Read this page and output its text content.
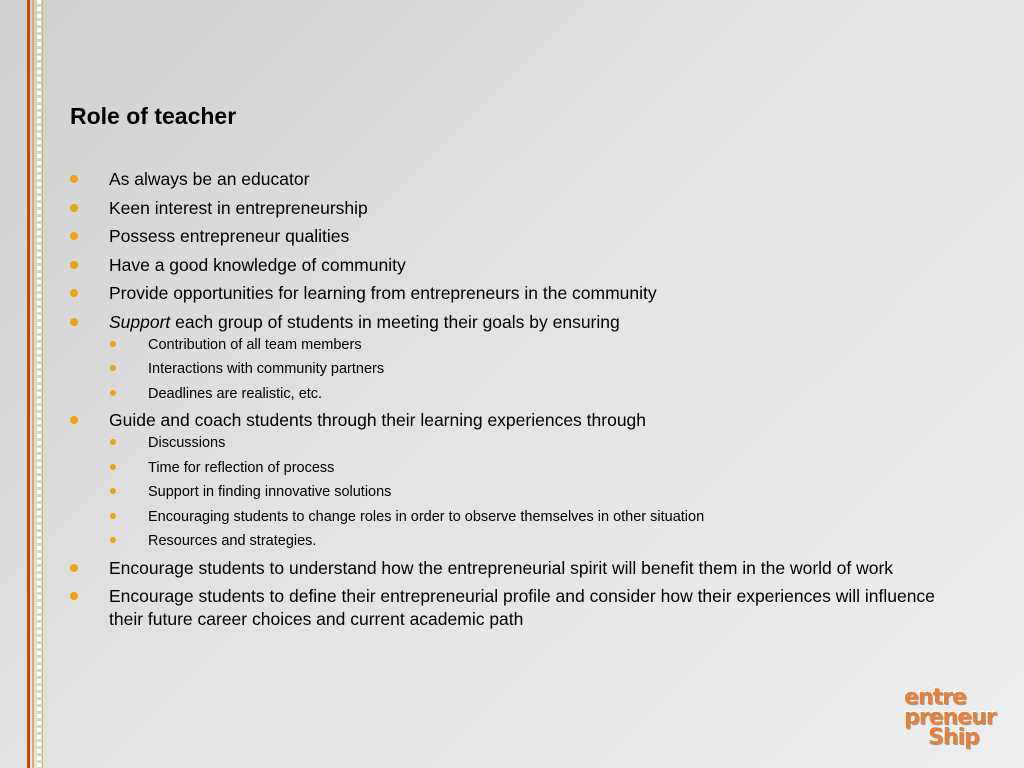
Role of teacher
As always be an educator
Keen interest in entrepreneurship
Possess entrepreneur qualities
Have a good knowledge of community
Provide opportunities for learning from entrepreneurs in the community
Support each group of students in meeting their goals by ensuring
Contribution of all team members
Interactions with community partners
Deadlines are realistic, etc.
Guide and coach students through their learning experiences through
Discussions
Time for reflection of process
Support in finding innovative solutions
Encouraging students to change roles in order to observe themselves in other situation
Resources and strategies.
Encourage students to understand how the entrepreneurial spirit will benefit them in the world of work
Encourage students to define their entrepreneurial profile and consider how their experiences will influence their future career choices and current academic path
entre
preneur
Ship
